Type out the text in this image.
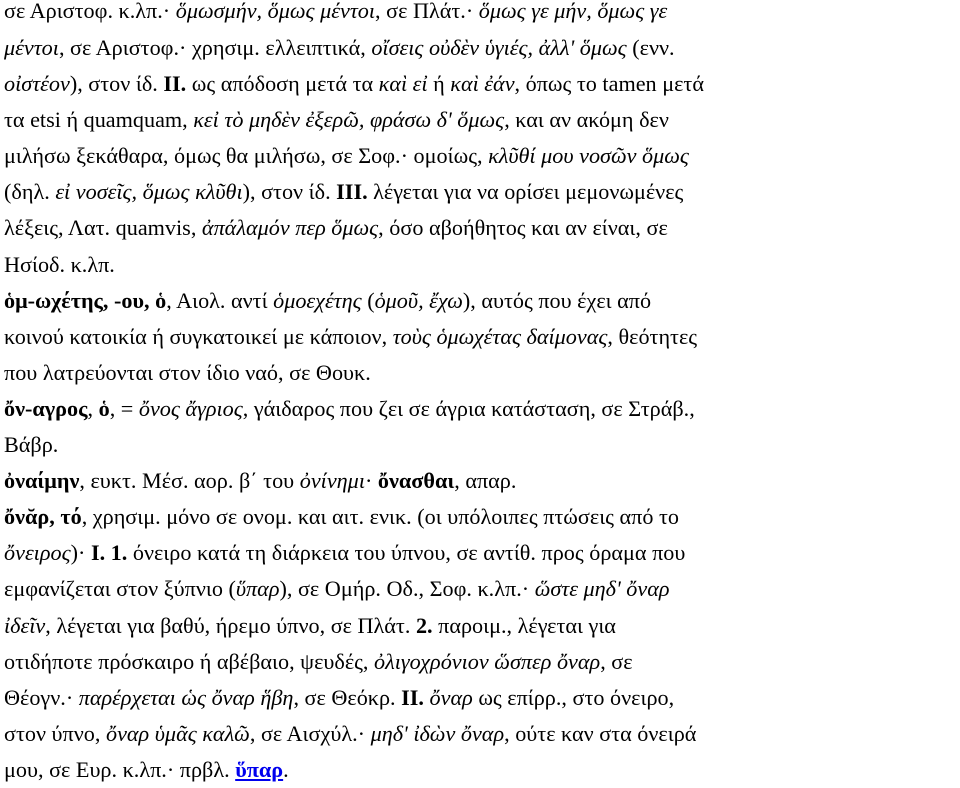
σε Αριστοφ. κ.λπ.· ὅμωσμήν, ὅμως μέντοι, σε Πλάτ.· ὅμως γε μήν, ὅμως γε
μέντοι, σε Αριστοφ.· χρησιμ. ελλειπτικά, οἴσεις οὐδὲν ὑγιές, ἀλλ' ὅμως (ενν.
οἰστέον), στον ίδ. II. ως απόδοση μετά τα καὶ εἰ ή καὶ ἐάν, όπως το tamen μετά
τα etsi ή quamquam, κεἰ τὸ μηδὲν ἐξερῶ, φράσω δ' ὅμως, και αν ακόμη δεν
μιλήσω ξεκάθαρα, όμως θα μιλήσω, σε Σοφ.· ομοίως, κλῦθί μου νοσῶν ὅμως
(δηλ. εἰ νοσεῖς, ὅμως κλῦθι), στον ίδ. III. λέγεται για να ορίσει μεμονωμένες
λέξεις, Λατ. quamvis, ἀπάλαμόν περ ὅμως, όσο αβοήθητος και αν είναι, σε
Ησίοδ. κ.λπ.
ὁμ-ωχέτης, -ου, ὁ, Αιολ. αντί ὁμοεχέτης (ὁμοῦ, ἔχω), αυτός που έχει από
κοινού κατοικία ή συγκατοικεί με κάποιον, τοὺς ὁμωχέτας δαίμονας, θεότητες
που λατρεύονται στον ίδιο ναό, σε Θουκ.
ὄν-αγρος, ὁ, = ὄνος ἄγριος, γάιδαρος που ζει σε άγρια κατάσταση, σε Στράβ.,
Βάβρ.
ὀναίμην, ευκτ. Μέσ. αορ. β΄ του ὀνίνημι· ὄνασθαι, απαρ.
ὄνᾰρ, τό, χρησιμ. μόνο σε ονομ. και αιτ. ενικ. (οι υπόλοιπες πτώσεις από το
ὄνειρος)· I. 1. όνειρο κατά τη διάρκεια του ύπνου, σε αντίθ. προς όραμα που
εμφανίζεται στον ξύπνιο (ὕπαρ), σε Ομήρ. Οδ., Σοφ. κ.λπ.· ὥστε μηδ' ὄναρ
ἰδεῖν, λέγεται για βαθύ, ήρεμο ύπνο, σε Πλάτ. 2. παροιμ., λέγεται για
οτιδήποτε πρόσκαιρο ή αβέβαιο, ψευδές, ὀλιγοχρόνιον ὥσπερ ὄναρ, σε
Θέογν.· παρέρχεται ὡς ὄναρ ἥβη, σε Θεόκρ. II. ὄναρ ως επίρρ., στο όνειρο,
στον ύπνο, ὄναρ ὑμᾶς καλῶ, σε Αισχύλ.· μηδ' ἰδὼν ὄναρ, ούτε καν στα όνειρά
μου, σε Ευρ. κ.λπ.· πρβλ. ὕπαρ.
